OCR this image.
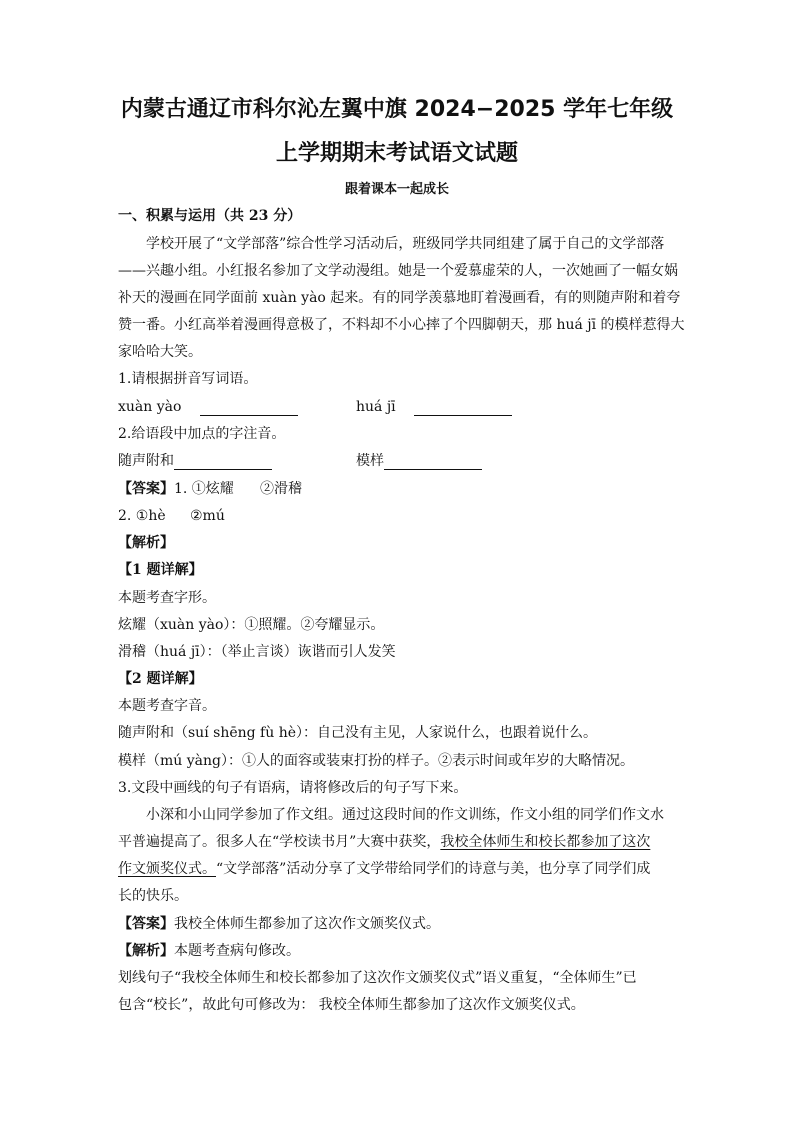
内蒙古通辽市科尔沁左翼中旗 2024−2025 学年七年级
上学期期末考试语文试题
跟着课本一起成长
一、积累与运用（共 23 分）
学校开展了“文学部落”综合性学习活动后，班级同学共同组建了属于自己的文学部落
——兴趣小组。小红报名参加了文学动漫组。她是一个爱慕虚荣的人，一次她画了一幅女娲
补天的漫画在同学面前 xuàn yào 起来。有的同学羡慕地盯着漫画看，有的则随声附和着夸
赞一番。小红高举着漫画得意极了，不料却不小心摔了个四脚朝天，那 huá jī 的模样惹得大
家哈哈大笑。
1.请根据拼音写词语。
xuàn yào	huá jī
2.给语段中加点的字注音。
随声附和	模样
【答案】1. ①炫耀 ②滑稽
2. ①hè ②mú
【解析】
【1 题详解】
本题考查字形。
炫耀（xuàn yào）：①照耀。②夸耀显示。
滑稽（huá jī）：（举止言谈）诙谐而引人发笑
【2 题详解】
本题考查字音。
随声附和（suí shēng fù hè）：自己没有主见，人家说什么，也跟着说什么。
模样（mú yàng）：①人的面容或装束打扮的样子。②表示时间或年岁的大略情况。
3.文段中画线的句子有语病，请将修改后的句子写下来。
小深和小山同学参加了作文组。通过这段时间的作文训练，作文小组的同学们作文水
平普遍提高了。很多人在“学校读书月”大赛中获奖，我校全体师生和校长都参加了这次
作文颁奖仪式。“文学部落”活动分享了文学带给同学们的诗意与美，也分享了同学们成
长的快乐。
【答案】我校全体师生都参加了这次作文颁奖仪式。
【解析】本题考查病句修改。
划线句子“我校全体师生和校长都参加了这次作文颁奖仪式”语义重复，“全体师生”已
包含“校长”，故此句可修改为： 我校全体师生都参加了这次作文颁奖仪式。
